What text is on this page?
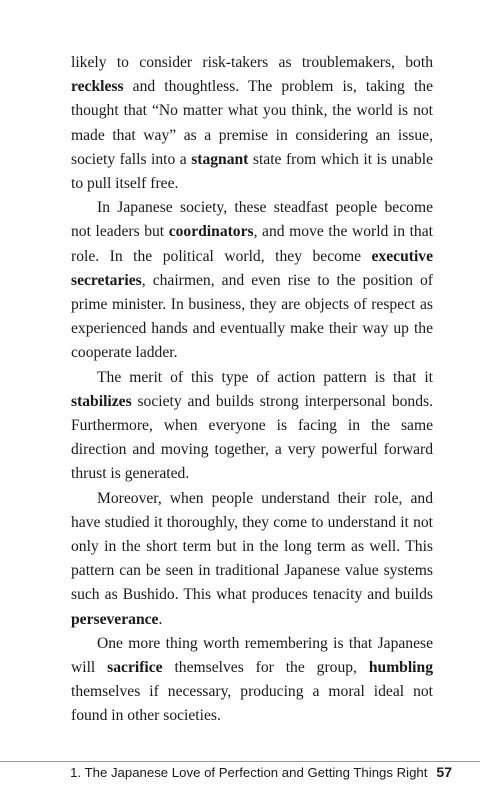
likely to consider risk-takers as troublemakers, both reckless and thoughtless. The problem is, taking the thought that “No matter what you think, the world is not made that way” as a premise in considering an issue, society falls into a stagnant state from which it is unable to pull itself free.

In Japanese society, these steadfast people become not leaders but coordinators, and move the world in that role. In the political world, they become executive secretaries, chairmen, and even rise to the position of prime minister. In business, they are objects of respect as experienced hands and eventually make their way up the cooperate ladder.

The merit of this type of action pattern is that it stabilizes society and builds strong interpersonal bonds. Furthermore, when everyone is facing in the same direction and moving together, a very powerful forward thrust is generated.

Moreover, when people understand their role, and have studied it thoroughly, they come to understand it not only in the short term but in the long term as well. This pattern can be seen in traditional Japanese value systems such as Bushido. This what produces tenacity and builds perseverance.

One more thing worth remembering is that Japanese will sacrifice themselves for the group, humbling themselves if necessary, producing a moral ideal not found in other societies.

1. The Japanese Love of Perfection and Getting Things Right 57
